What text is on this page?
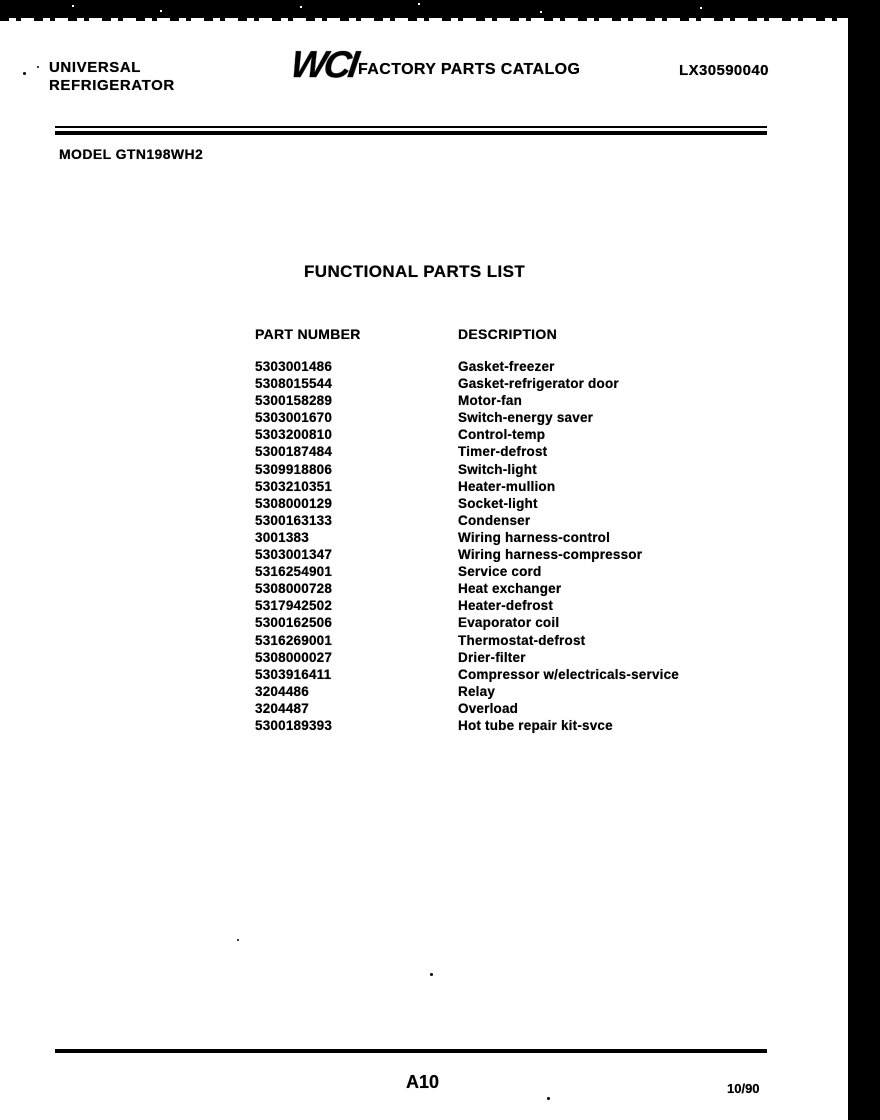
UNIVERSAL
REFRIGERATOR	WCI FACTORY PARTS CATALOG	LX30590040
MODEL GTN198WH2
FUNCTIONAL PARTS LIST
PART NUMBER	DESCRIPTION
5303001486	Gasket-freezer
5308015544	Gasket-refrigerator door
5300158289	Motor-fan
5303001670	Switch-energy saver
5303200810	Control-temp
5300187484	Timer-defrost
5309918806	Switch-light
5303210351	Heater-mullion
5308000129	Socket-light
5300163133	Condenser
3001383	Wiring harness-control
5303001347	Wiring harness-compressor
5316254901	Service cord
5308000728	Heat exchanger
5317942502	Heater-defrost
5300162506	Evaporator coil
5316269001	Thermostat-defrost
5308000027	Drier-filter
5303916411	Compressor w/electricals-service
3204486	Relay
3204487	Overload
5300189393	Hot tube repair kit-svce
A10	10/90
